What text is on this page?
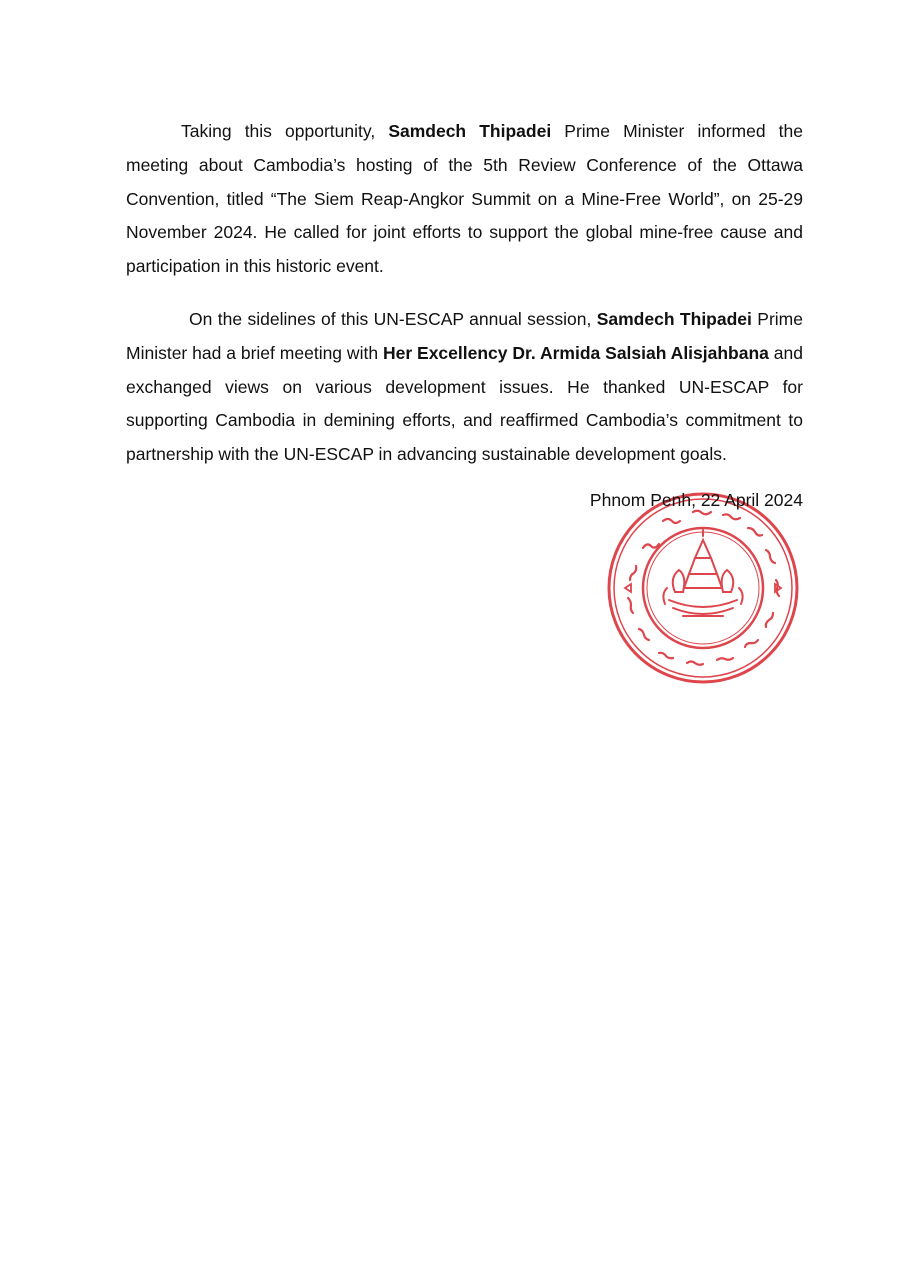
Taking this opportunity, Samdech Thipadei Prime Minister informed the meeting about Cambodia’s hosting of the 5th Review Conference of the Ottawa Convention, titled “The Siem Reap-Angkor Summit on a Mine-Free World”, on 25-29 November 2024. He called for joint efforts to support the global mine-free cause and participation in this historic event.

On the sidelines of this UN-ESCAP annual session, Samdech Thipadei Prime Minister had a brief meeting with Her Excellency Dr. Armida Salsiah Alisjahbana and exchanged views on various development issues. He thanked UN-ESCAP for supporting Cambodia in demining efforts, and reaffirmed Cambodia’s commitment to partnership with the UN-ESCAP in advancing sustainable development goals.

Phnom Penh, 22 April 2024
